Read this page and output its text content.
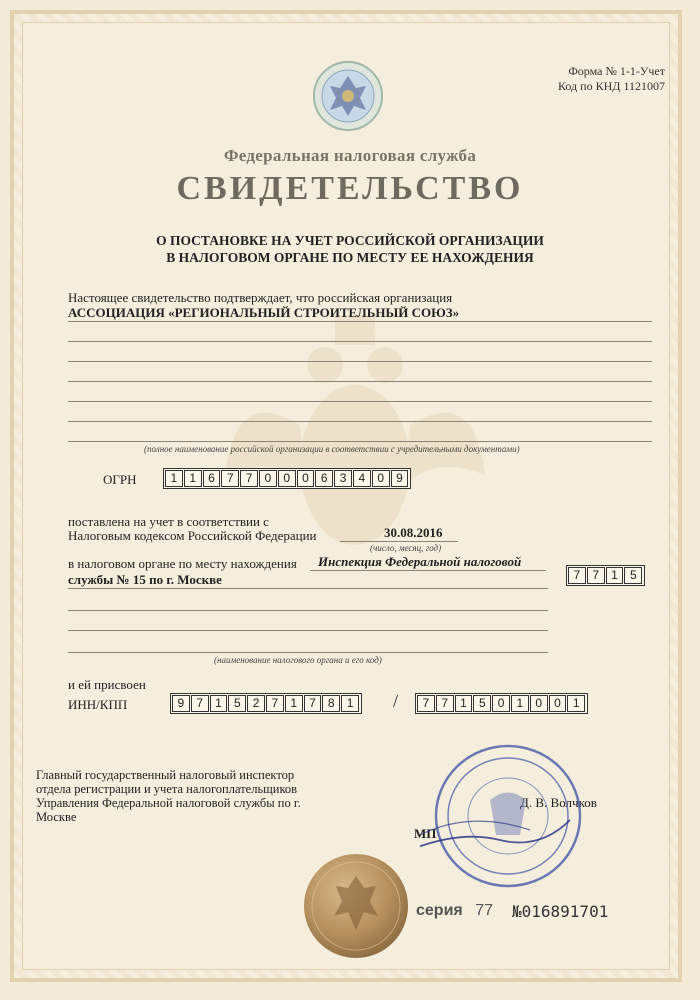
Форма № 1-1-Учет
Код по КНД 1121007
Федеральная налоговая служба
СВИДЕТЕЛЬСТВО
О ПОСТАНОВКЕ НА УЧЕТ РОССИЙСКОЙ ОРГАНИЗАЦИИ
В НАЛОГОВОМ ОРГАНЕ ПО МЕСТУ ЕЕ НАХОЖДЕНИЯ
Настоящее свидетельство подтверждает, что российская организация
АССОЦИАЦИЯ «РЕГИОНАЛЬНЫЙ СТРОИТЕЛЬНЫЙ СОЮЗ»
(полное наименование российской организации в соответствии с учредительными документами)
ОГРН	1	1	6	7	7	0	0	0	6	3	4	0	9
поставлена на учет в соответствии с
Налоговым кодексом Российской Федерации	30.08.2016
(число, месяц, год)
в налоговом органе по месту нахождения Инспекция Федеральной налоговой
службы № 15 по г. Москве	7	7	1	5
(наименование налогового органа и его код)
и ей присвоен
ИНН/КПП	9	7	1	5	2	7	1	7	8	1	/	7	7	1	5	0	1	0	0	1
Главный государственный налоговый инспектор
отдела регистрации и учета налогоплательщиков
Управления Федеральной налоговой службы по г.
Москве
Д. В. Волчков
МП
серия 77 №016891701
